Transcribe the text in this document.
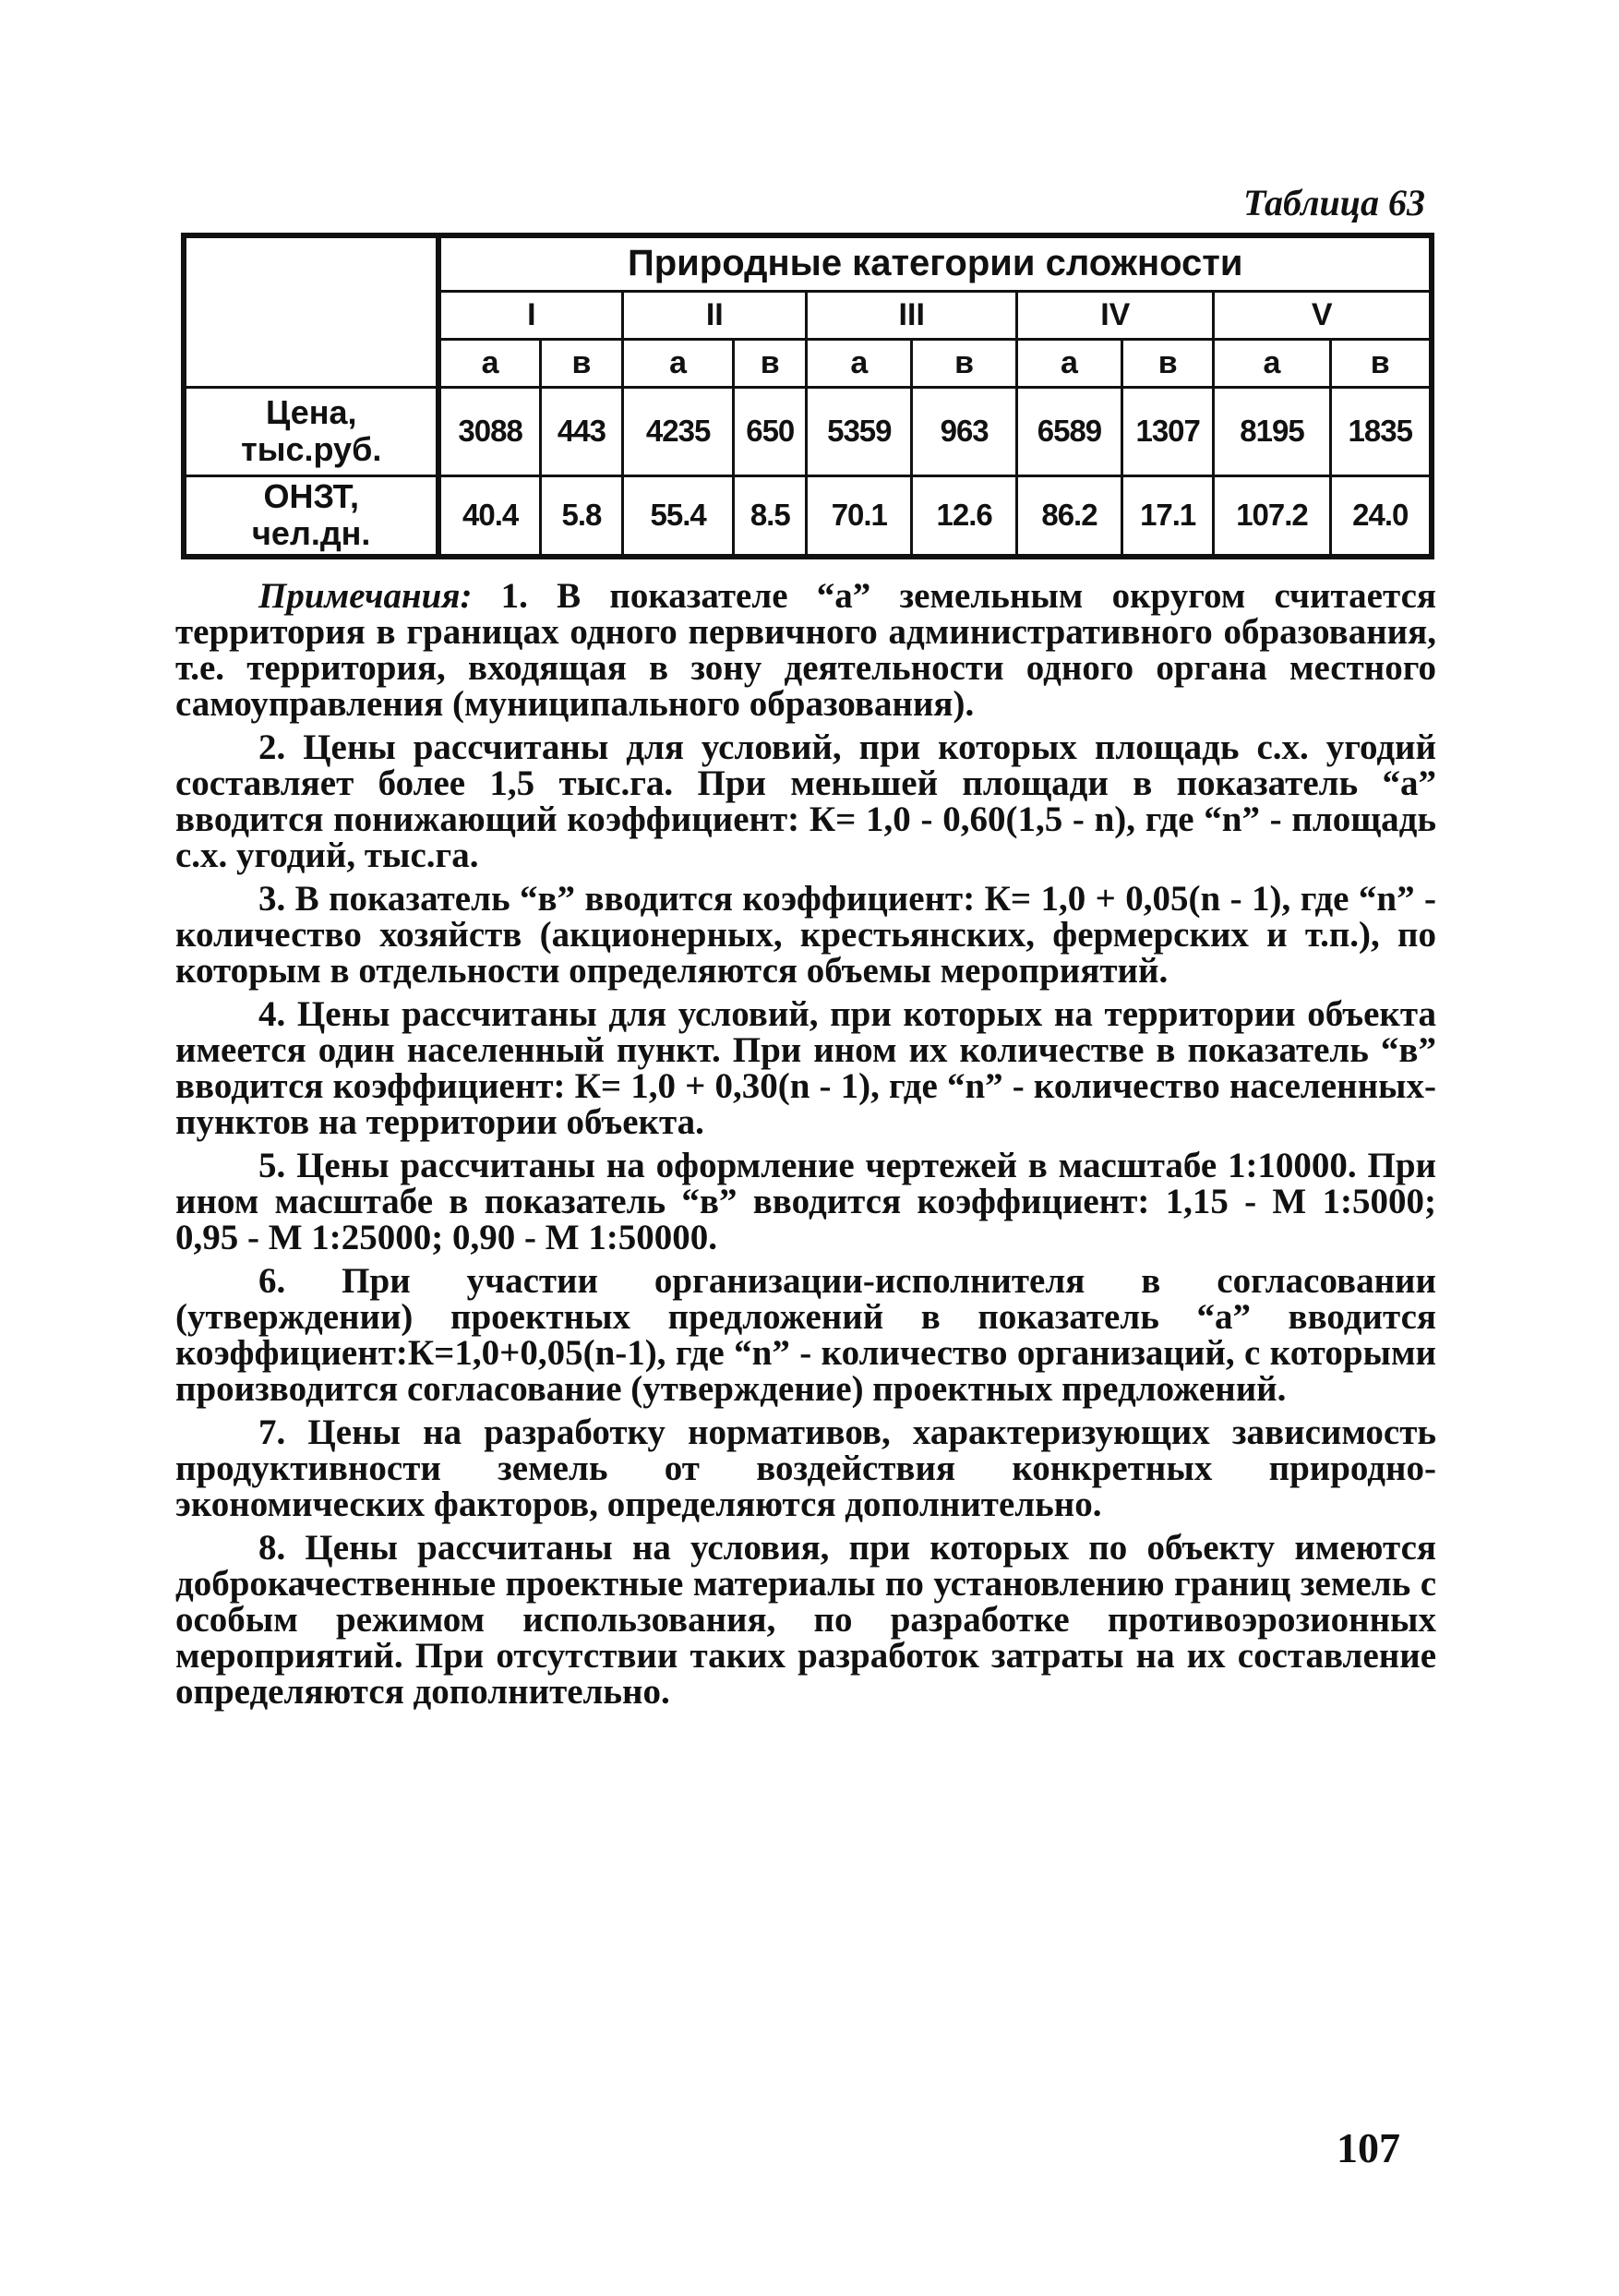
Таблица 63
	Природные категории сложности									
	I		II		III		IV		V	
	а	в	а	в	а	в	а	в	а	в
Цена,
тыс.руб.	3088	443	4235	650	5359	963	6589	1307	8195	1835
ОНЗТ,
чел.дн.	40.4	5.8	55.4	8.5	70.1	12.6	86.2	17.1	107.2	24.0

Примечания: 1. В показателе “а” земельным округом считается территория в границах одного первичного административного образования, т.е. территория, входящая в зону деятельности одного органа местного самоуправления (муниципального образования).

2. Цены рассчитаны для условий, при которых площадь с.х. угодий составляет более 1,5 тыс.га. При меньшей площади в показатель “а” вводится понижающий коэффициент: К= 1,0 - 0,60(1,5 - n), где “n” - площадь с.х. угодий, тыс.га.

3. В показатель “в” вводится коэффициент: К= 1,0 + 0,05(n - 1), где “n” - количество хозяйств (акционерных, крестьянских, фермерских и т.п.), по которым в отдельности определяются объемы мероприятий.

4. Цены рассчитаны для условий, при которых на территории объекта имеется один населенный пункт. При ином их количестве в показатель “в” вводится коэффициент: К= 1,0 + 0,30(n - 1), где “n” - количество населенных-пунктов на территории объекта.

5. Цены рассчитаны на оформление чертежей в масштабе 1:10000. При ином масштабе в показатель “в” вводится коэффициент: 1,15 - М 1:5000; 0,95 - М 1:25000; 0,90 - М 1:50000.

6. При участии организации-исполнителя в согласовании (утверждении) проектных предложений в показатель “а” вводится коэффициент:К=1,0+0,05(n-1), где “n” - количество организаций, с которыми производится согласование (утверждение) проектных предложений.

7. Цены на разработку нормативов, характеризующих зависимость продуктивности земель от воздействия конкретных природно-экономических факторов, определяются дополнительно.

8. Цены рассчитаны на условия, при которых по объекту имеются доброкачественные проектные материалы по установлению границ земель с особым режимом использования, по разработке противоэрозионных мероприятий. При отсутствии таких разработок затраты на их составление определяются дополнительно.

107
